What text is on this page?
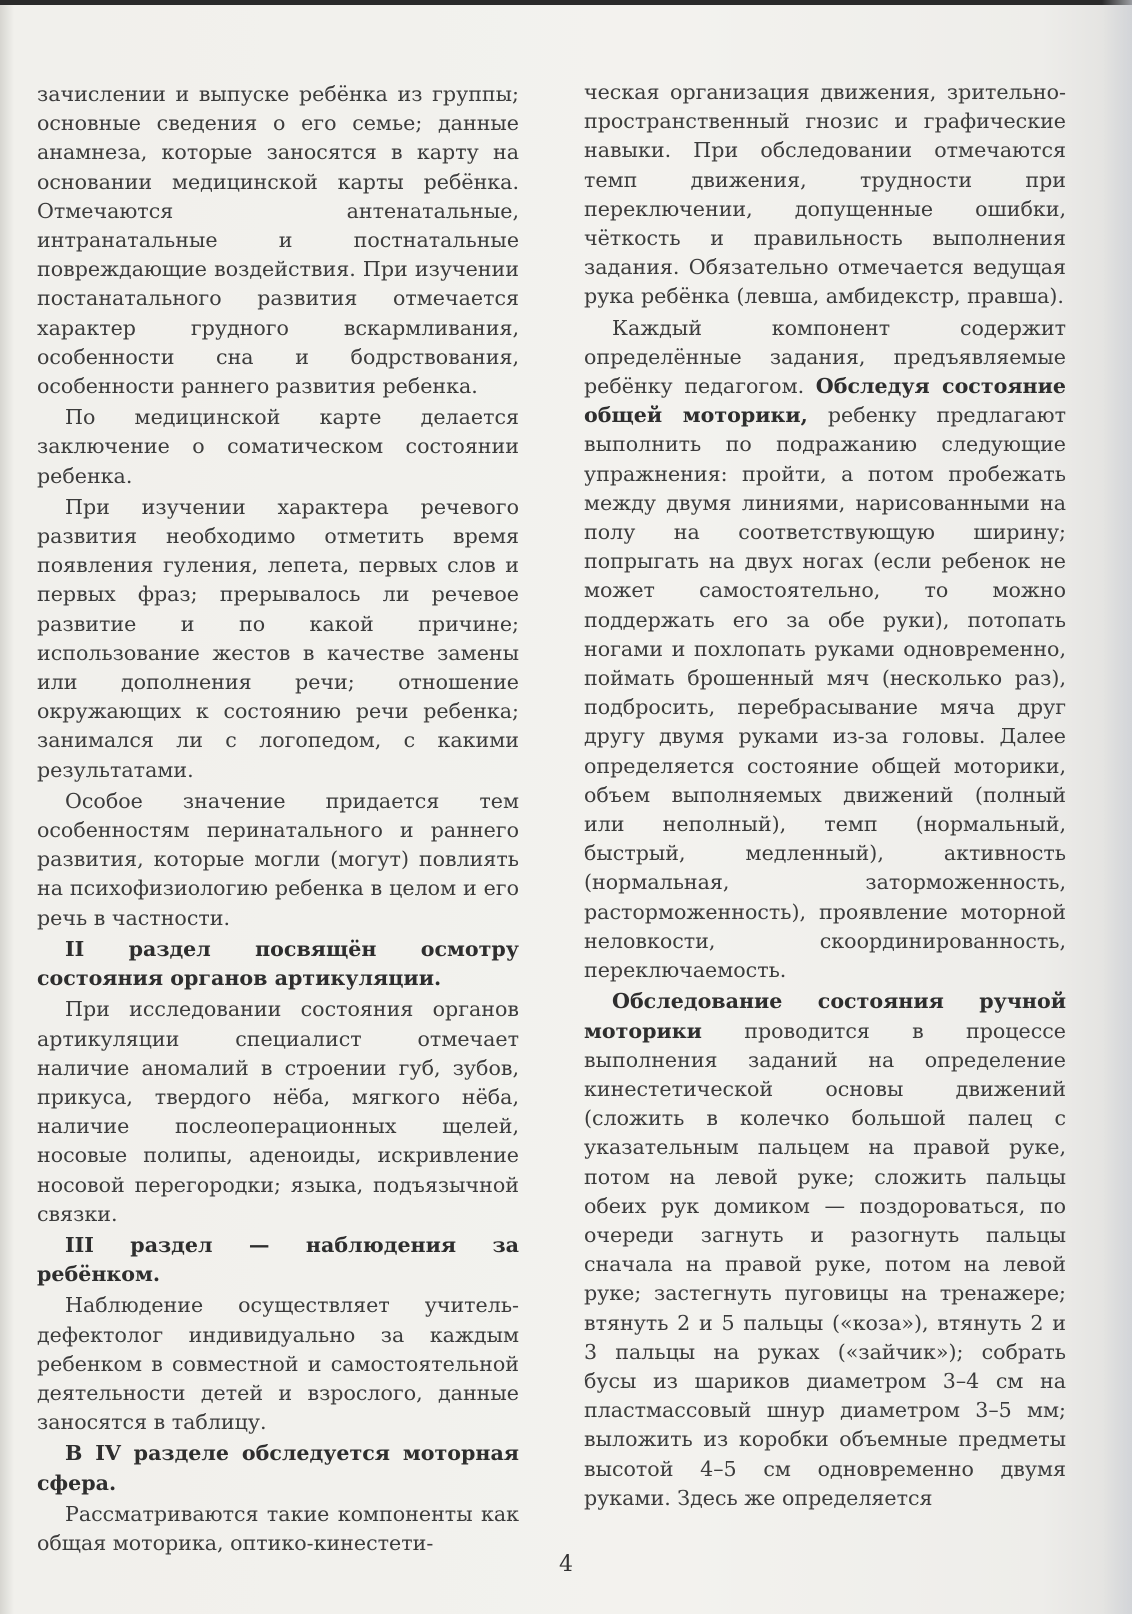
зачислении и выпуске ребёнка из группы; основные сведения о его семье; данные анамнеза, которые заносятся в карту на основании медицинской карты ребёнка. Отмечаются антенатальные, интранатальные и постнатальные повреждающие воздействия. При изучении постанатального развития отмечается характер грудного вскармливания, особенности сна и бодрствования, особенности раннего развития ребенка.

По медицинской карте делается заключение о соматическом состоянии ребенка.

При изучении характера речевого развития необходимо отметить время появления гуления, лепета, первых слов и первых фраз; прерывалось ли речевое развитие и по какой причине; использование жестов в качестве замены или дополнения речи; отношение окружающих к состоянию речи ребенка; занимался ли с логопедом, с какими результатами.

Особое значение придается тем особенностям перинатального и раннего развития, которые могли (могут) повлиять на психофизиологию ребенка в целом и его речь в частности.

II раздел посвящён осмотру состояния органов артикуляции.

При исследовании состояния органов артикуляции специалист отмечает наличие аномалий в строении губ, зубов, прикуса, твердого нёба, мягкого нёба, наличие послеоперационных щелей, носовые полипы, аденоиды, искривление носовой перегородки; языка, подъязычной связки.

III раздел — наблюдения за ребёнком.

Наблюдение осуществляет учитель-дефектолог индивидуально за каждым ребенком в совместной и самостоятельной деятельности детей и взрослого, данные заносятся в таблицу.

В IV разделе обследуется моторная сфера.

Рассматриваются такие компоненты как общая моторика, оптико-кинестети-

ческая организация движения, зрительно-пространственный гнозис и графические навыки. При обследовании отмечаются темп движения, трудности при переключении, допущенные ошибки, чёткость и правильность выполнения задания. Обязательно отмечается ведущая рука ребёнка (левша, амбидекстр, правша).

Каждый компонент содержит определённые задания, предъявляемые ребёнку педагогом. Обследуя состояние общей моторики, ребенку предлагают выполнить по подражанию следующие упражнения: пройти, а потом пробежать между двумя линиями, нарисованными на полу на соответствующую ширину; попрыгать на двух ногах (если ребенок не может самостоятельно, то можно поддержать его за обе руки), потопать ногами и похлопать руками одновременно, поймать брошенный мяч (несколько раз), подбросить, перебрасывание мяча друг другу двумя руками из-за головы. Далее определяется состояние общей моторики, объем выполняемых движений (полный или неполный), темп (нормальный, быстрый, медленный), активность (нормальная, заторможенность, расторможенность), проявление моторной неловкости, скоординированность, переключаемость.

Обследование состояния ручной моторики проводится в процессе выполнения заданий на определение кинестетической основы движений (сложить в колечко большой палец с указательным пальцем на правой руке, потом на левой руке; сложить пальцы обеих рук домиком — поздороваться, по очереди загнуть и разогнуть пальцы сначала на правой руке, потом на левой руке; застегнуть пуговицы на тренажере; втянуть 2 и 5 пальцы («коза»), втянуть 2 и 3 пальцы на руках («зайчик»); собрать бусы из шариков диаметром 3–4 см на пластмассовый шнур диаметром 3–5 мм; выложить из коробки объемные предметы высотой 4–5 см одновременно двумя руками. Здесь же определяется

4
